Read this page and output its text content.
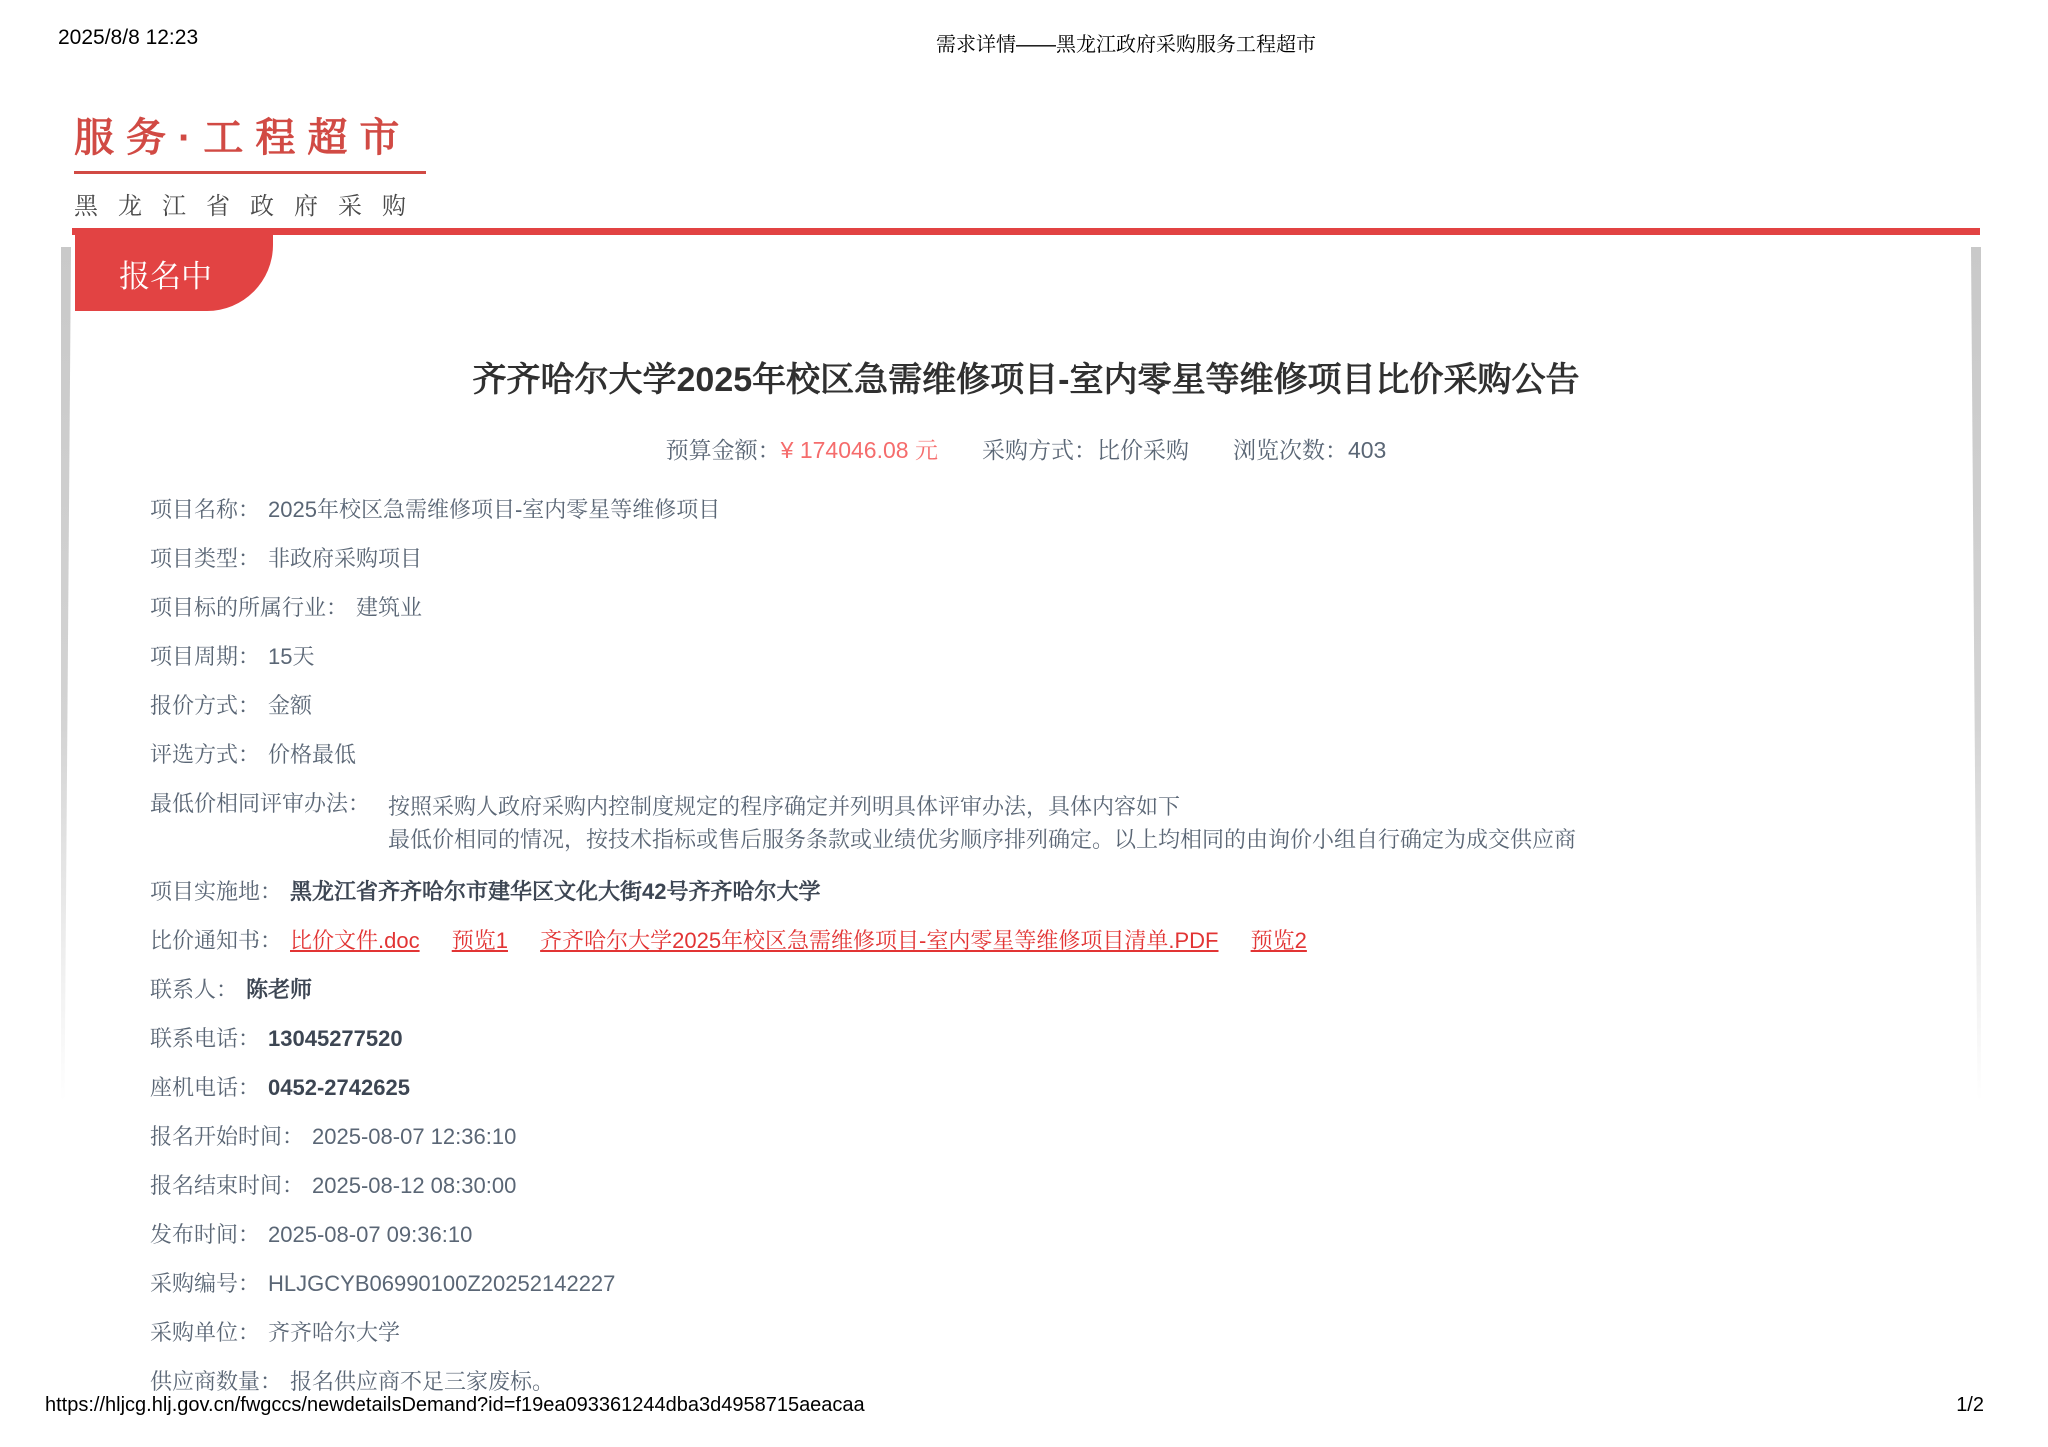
2025/8/8 12:23	需求详情——黑龙江政府采购服务工程超市
服务·工程超市
黑龙江省政府采购
报名中
齐齐哈尔大学2025年校区急需维修项目-室内零星等维修项目比价采购公告
预算金额：¥ 174046.08 元 采购方式：比价采购 浏览次数：403
项目名称： 2025年校区急需维修项目-室内零星等维修项目
项目类型： 非政府采购项目
项目标的所属行业： 建筑业
项目周期： 15天
报价方式： 金额
评选方式： 价格最低
最低价相同评审办法： 按照采购人政府采购内控制度规定的程序确定并列明具体评审办法，具体内容如下
最低价相同的情况，按技术指标或售后服务条款或业绩优劣顺序排列确定。以上均相同的由询价小组自行确定为成交供应商
项目实施地： 黑龙江省齐齐哈尔市建华区文化大街42号齐齐哈尔大学
比价通知书： 比价文件.doc 预览1 齐齐哈尔大学2025年校区急需维修项目-室内零星等维修项目清单.PDF 预览2
联系人： 陈老师
联系电话： 13045277520
座机电话： 0452-2742625
报名开始时间： 2025-08-07 12:36:10
报名结束时间： 2025-08-12 08:30:00
发布时间： 2025-08-07 09:36:10
采购编号： HLJGCYB06990100Z20252142227
采购单位： 齐齐哈尔大学
供应商数量： 报名供应商不足三家废标。
https://hljcg.hlj.gov.cn/fwgccs/newdetailsDemand?id=f19ea093361244dba3d4958715aeacaa	1/2
